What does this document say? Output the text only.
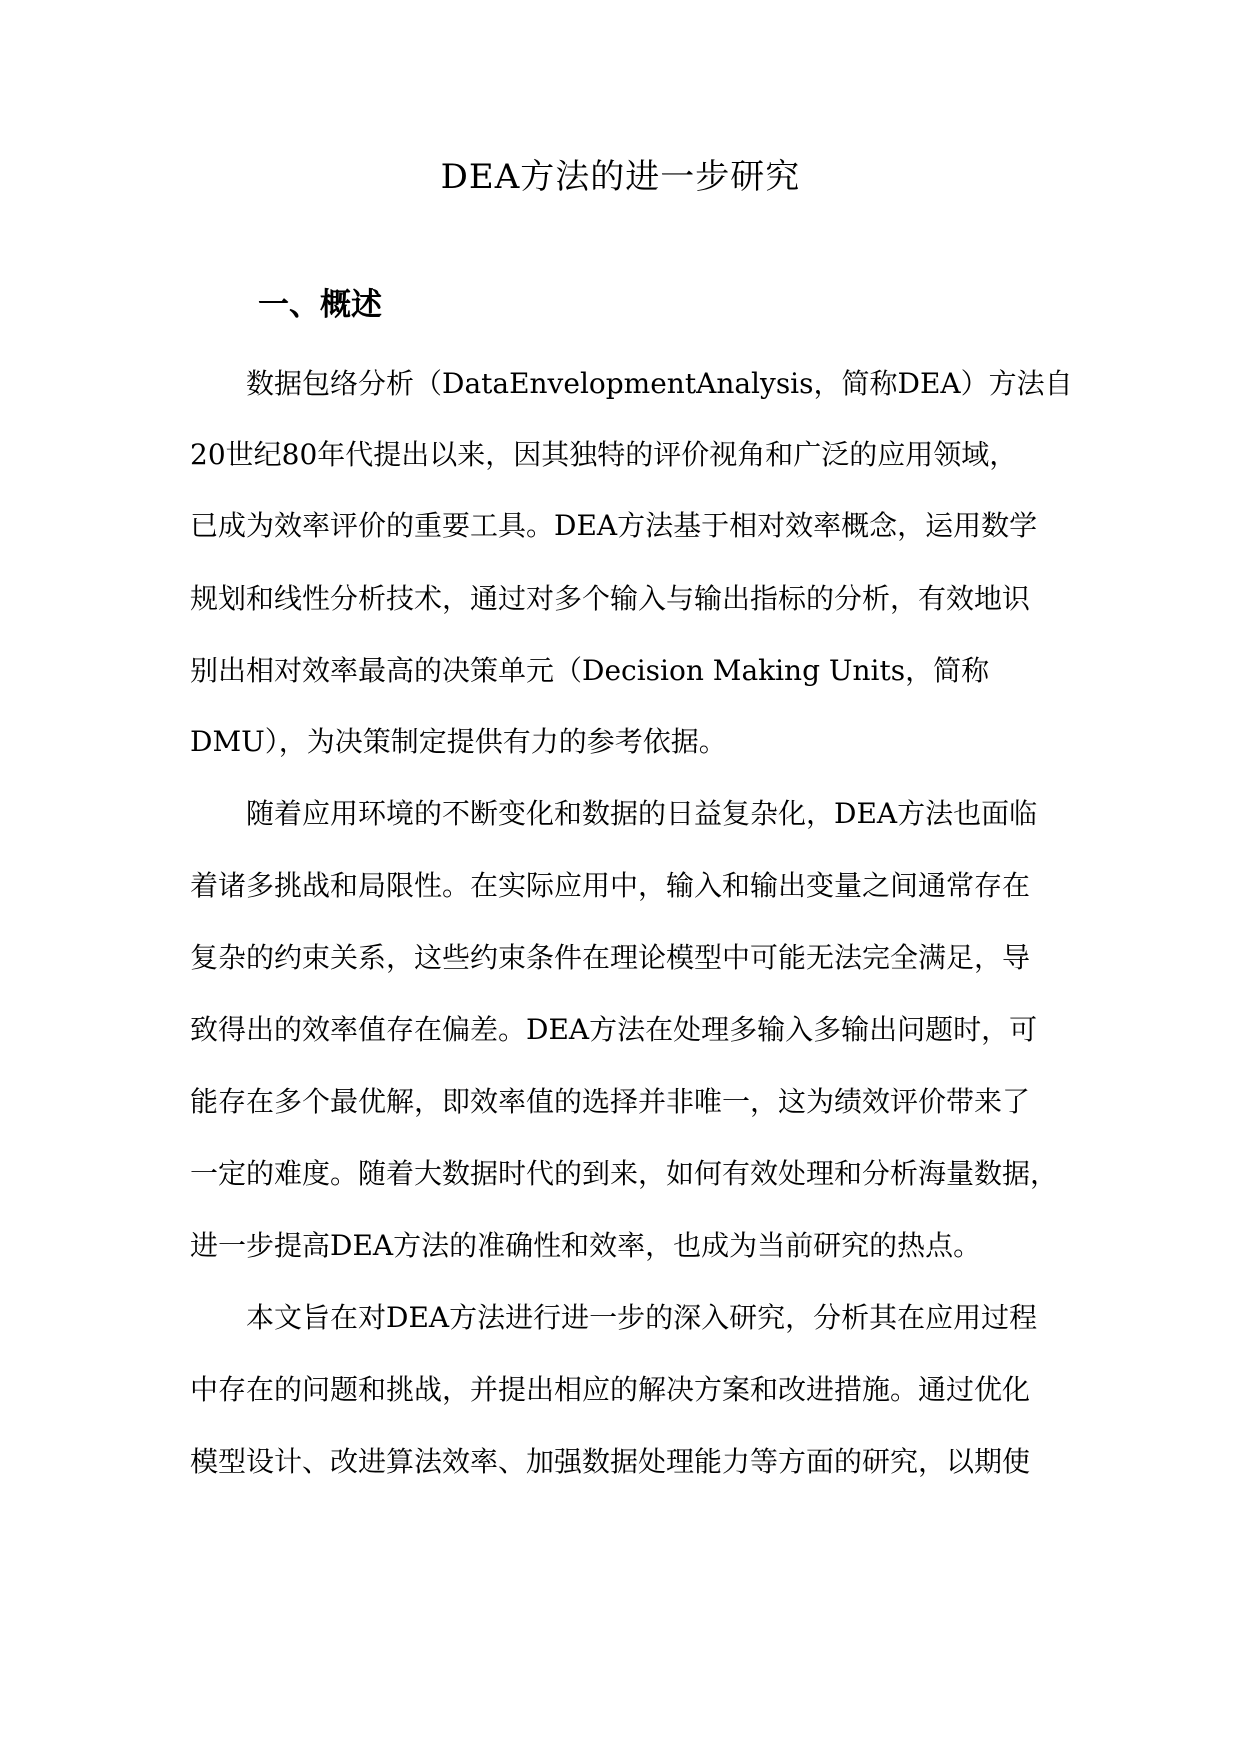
DEA方法的进一步研究
一、概述
数据包络分析（DataEnvelopmentAnalysis，简称DEA）方法自
20世纪80年代提出以来，因其独特的评价视角和广泛的应用领域，
已成为效率评价的重要工具。DEA方法基于相对效率概念，运用数学
规划和线性分析技术，通过对多个输入与输出指标的分析，有效地识
别出相对效率最高的决策单元（Decision Making Units，简称
DMU），为决策制定提供有力的参考依据。
随着应用环境的不断变化和数据的日益复杂化，DEA方法也面临
着诸多挑战和局限性。在实际应用中，输入和输出变量之间通常存在
复杂的约束关系，这些约束条件在理论模型中可能无法完全满足，导
致得出的效率值存在偏差。DEA方法在处理多输入多输出问题时，可
能存在多个最优解，即效率值的选择并非唯一，这为绩效评价带来了
一定的难度。随着大数据时代的到来，如何有效处理和分析海量数据，
进一步提高DEA方法的准确性和效率，也成为当前研究的热点。
本文旨在对DEA方法进行进一步的深入研究，分析其在应用过程
中存在的问题和挑战，并提出相应的解决方案和改进措施。通过优化
模型设计、改进算法效率、加强数据处理能力等方面的研究，以期使
